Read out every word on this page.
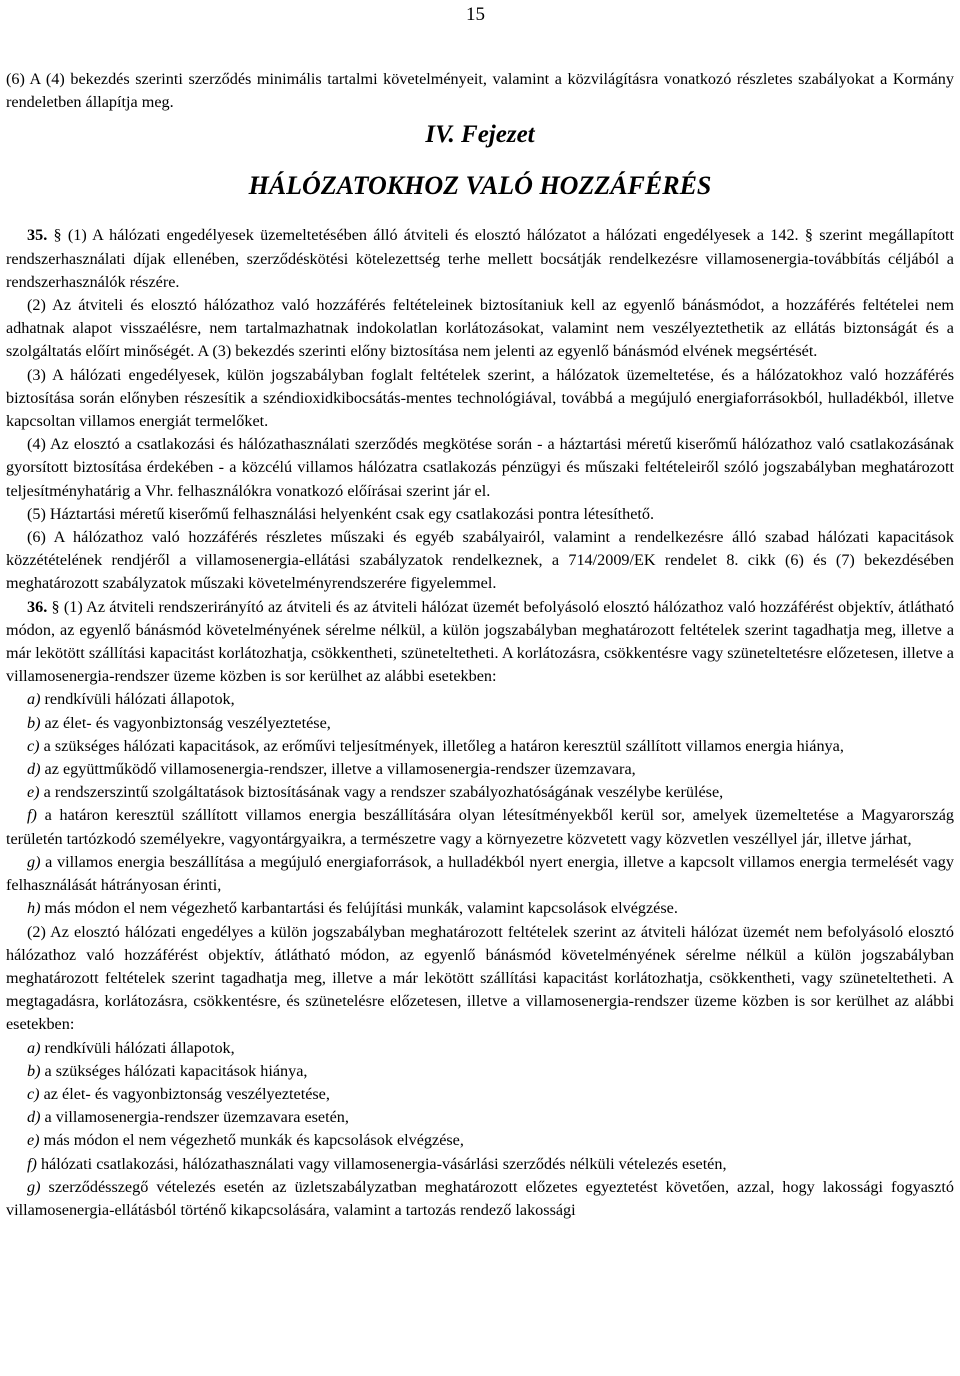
15

(6) A (4) bekezdés szerinti szerződés minimális tartalmi követelményeit, valamint a közvilágításra vonatkozó részletes szabályokat a Kormány rendeletben állapítja meg.

IV. Fejezet
HÁLÓZATOKHOZ VALÓ HOZZÁFÉRÉS

35. § (1) A hálózati engedélyesek üzemeltetésében álló átviteli és elosztó hálózatot a hálózati engedélyesek a 142. § szerint megállapított rendszerhasználati díjak ellenében, szerződéskötési kötelezettség terhe mellett bocsátják rendelkezésre villamosenergia-továbbítás céljából a rendszerhasználók részére.

(2) Az átviteli és elosztó hálózathoz való hozzáférés feltételeinek biztosítaniuk kell az egyenlő bánásmódot, a hozzáférés feltételei nem adhatnak alapot visszaélésre, nem tartalmazhatnak indokolatlan korlátozásokat, valamint nem veszélyeztethetik az ellátás biztonságát és a szolgáltatás előírt minőségét. A (3) bekezdés szerinti előny biztosítása nem jelenti az egyenlő bánásmód elvének megsértését.

(3) A hálózati engedélyesek, külön jogszabályban foglalt feltételek szerint, a hálózatok üzemeltetése, és a hálózatokhoz való hozzáférés biztosítása során előnyben részesítik a széndioxidkibocsátás-mentes technológiával, továbbá a megújuló energiaforrásokból, hulladékból, illetve kapcsoltan villamos energiát termelőket.

(4) Az elosztó a csatlakozási és hálózathasználati szerződés megkötése során - a háztartási méretű kiserőmű hálózathoz való csatlakozásának gyorsított biztosítása érdekében - a közcélú villamos hálózatra csatlakozás pénzügyi és műszaki feltételeiről szóló jogszabályban meghatározott teljesítményhatárig a Vhr. felhasználókra vonatkozó előírásai szerint jár el.

(5) Háztartási méretű kiserőmű felhasználási helyenként csak egy csatlakozási pontra létesíthető.

(6) A hálózathoz való hozzáférés részletes műszaki és egyéb szabályairól, valamint a rendelkezésre álló szabad hálózati kapacitások közzétételének rendjéről a villamosenergia-ellátási szabályzatok rendelkeznek, a 714/2009/EK rendelet 8. cikk (6) és (7) bekezdésében meghatározott szabályzatok műszaki követelményrendszerére figyelemmel.

36. § (1) Az átviteli rendszerirányító az átviteli és az átviteli hálózat üzemét befolyásoló elosztó hálózathoz való hozzáférést objektív, átlátható módon, az egyenlő bánásmód követelményének sérelme nélkül, a külön jogszabályban meghatározott feltételek szerint tagadhatja meg, illetve a már lekötött szállítási kapacitást korlátozhatja, csökkentheti, szüneteltetheti. A korlátozásra, csökkentésre vagy szüneteltetésre előzetesen, illetve a villamosenergia-rendszer üzeme közben is sor kerülhet az alábbi esetekben:

a) rendkívüli hálózati állapotok,

b) az élet- és vagyonbiztonság veszélyeztetése,

c) a szükséges hálózati kapacitások, az erőművi teljesítmények, illetőleg a határon keresztül szállított villamos energia hiánya,

d) az együttműködő villamosenergia-rendszer, illetve a villamosenergia-rendszer üzemzavara,

e) a rendszerszintű szolgáltatások biztosításának vagy a rendszer szabályozhatóságának veszélybe kerülése,

f) a határon keresztül szállított villamos energia beszállítására olyan létesítményekből kerül sor, amelyek üzemeltetése a Magyarország területén tartózkodó személyekre, vagyontárgyaikra, a természetre vagy a környezetre közvetett vagy közvetlen veszéllyel jár, illetve járhat,

g) a villamos energia beszállítása a megújuló energiaforrások, a hulladékból nyert energia, illetve a kapcsolt villamos energia termelését vagy felhasználását hátrányosan érinti,

h) más módon el nem végezhető karbantartási és felújítási munkák, valamint kapcsolások elvégzése.

(2) Az elosztó hálózati engedélyes a külön jogszabályban meghatározott feltételek szerint az átviteli hálózat üzemét nem befolyásoló elosztó hálózathoz való hozzáférést objektív, átlátható módon, az egyenlő bánásmód követelményének sérelme nélkül a külön jogszabályban meghatározott feltételek szerint tagadhatja meg, illetve a már lekötött szállítási kapacitást korlátozhatja, csökkentheti, vagy szüneteltetheti. A megtagadásra, korlátozásra, csökkentésre, és szünetelésre előzetesen, illetve a villamosenergia-rendszer üzeme közben is sor kerülhet az alábbi esetekben:

a) rendkívüli hálózati állapotok,

b) a szükséges hálózati kapacitások hiánya,

c) az élet- és vagyonbiztonság veszélyeztetése,

d) a villamosenergia-rendszer üzemzavara esetén,

e) más módon el nem végezhető munkák és kapcsolások elvégzése,

f) hálózati csatlakozási, hálózathasználati vagy villamosenergia-vásárlási szerződés nélküli vételezés esetén,

g) szerződésszegő vételezés esetén az üzletszabályzatban meghatározott előzetes egyeztetést követően, azzal, hogy lakossági fogyasztó villamosenergia-ellátásból történő kikapcsolására, valamint a tartozás rendező lakossági
